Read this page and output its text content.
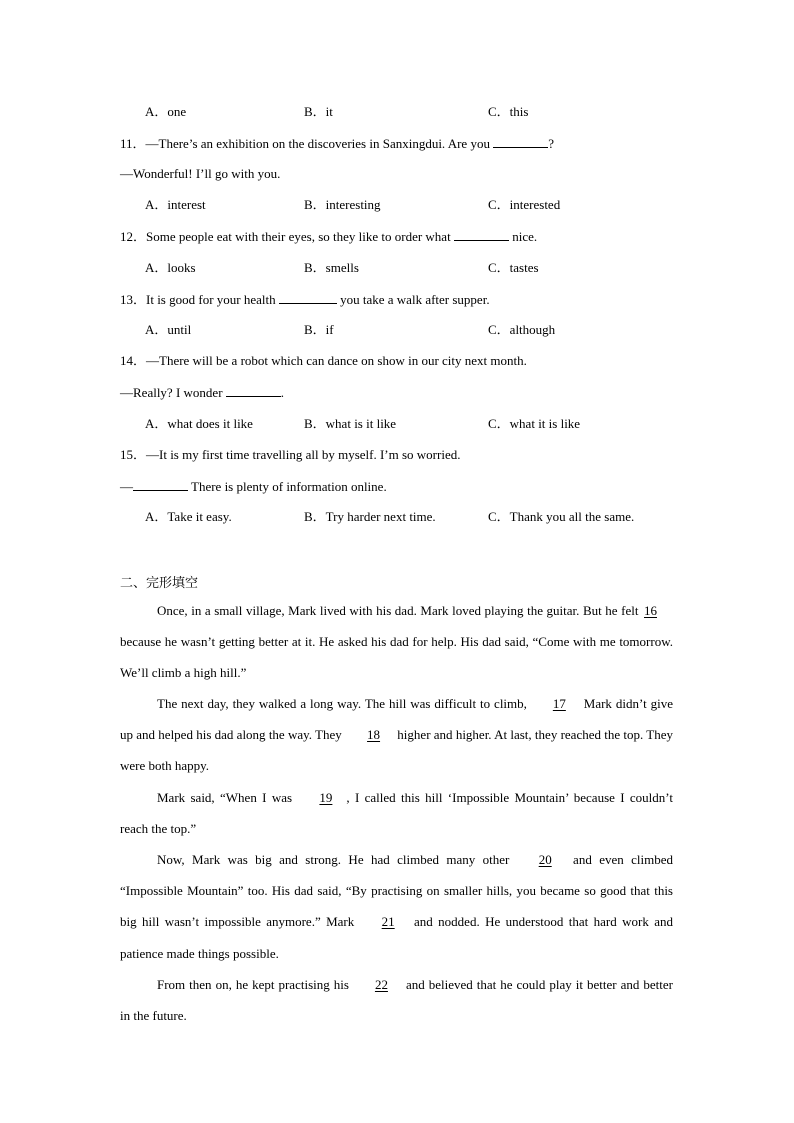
A．one	B．it	C．this
11．—There’s an exhibition on the discoveries in Sanxingdui. Are you	?
—Wonderful! I’ll go with you.
A．interest	B．interesting	C．interested
12．Some people eat with their eyes, so they like to order what	nice.
A．looks	B．smells	C．tastes
13．It is good for your health	you take a walk after supper.
A．until	B．if	C．although
14．—There will be a robot which can dance on show in our city next month.
—Really? I wonder	.
A．what does it like	B．what is it like	C．what it is like
15．—It is my first time travelling all by myself. I’m so worried.
—	There is plenty of information online.
A．Take it easy.	B．Try harder next time.	C．Thank you all the same.
二、完形填空

Once, in a small village, Mark lived with his dad. Mark loved playing the guitar. But he felt 16 because he wasn’t getting better at it. He asked his dad for help. His dad said, “Come with me tomorrow. We’ll climb a high hill.”

The next day, they walked a long way. The hill was difficult to climb, 17 Mark didn’t give up and helped his dad along the way. They 18 higher and higher. At last, they reached the top. They were both happy.

Mark said, “When I was 19 , I called this hill ‘Impossible Mountain’ because I couldn’t reach the top.”

Now, Mark was big and strong. He had climbed many other 20 and even climbed “Impossible Mountain” too. His dad said, “By practising on smaller hills, you became so good that this big hill wasn’t impossible anymore.” Mark 21 and nodded. He understood that hard work and patience made things possible.

From then on, he kept practising his 22 and believed that he could play it better and better in the future.
